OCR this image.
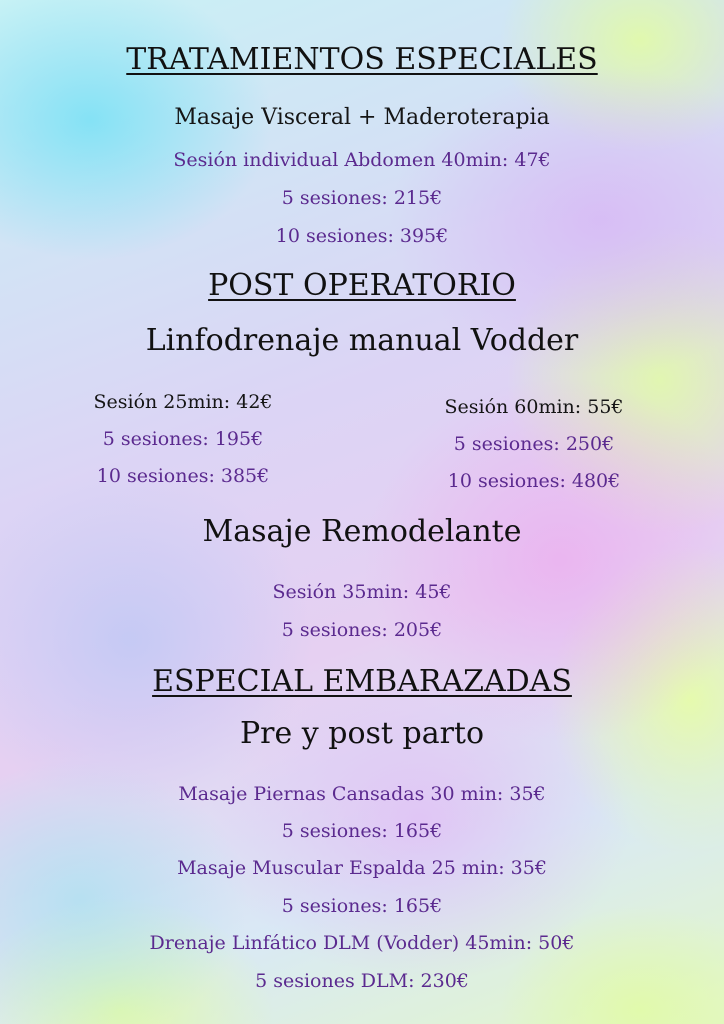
TRATAMIENTOS ESPECIALES
Masaje Visceral + Maderoterapia
Sesión individual Abdomen 40min: 47€
5 sesiones: 215€
10 sesiones: 395€
POST OPERATORIO
Linfodrenaje manual Vodder
Sesión 25min: 42€
5 sesiones: 195€
10 sesiones: 385€
Sesión 60min: 55€
5 sesiones: 250€
10 sesiones: 480€
Masaje Remodelante
Sesión 35min: 45€
5 sesiones: 205€
ESPECIAL EMBARAZADAS
Pre y post parto
Masaje Piernas Cansadas 30 min: 35€
5 sesiones: 165€
Masaje Muscular Espalda 25 min: 35€
5 sesiones: 165€
Drenaje Linfático DLM (Vodder) 45min: 50€
5 sesiones DLM: 230€
